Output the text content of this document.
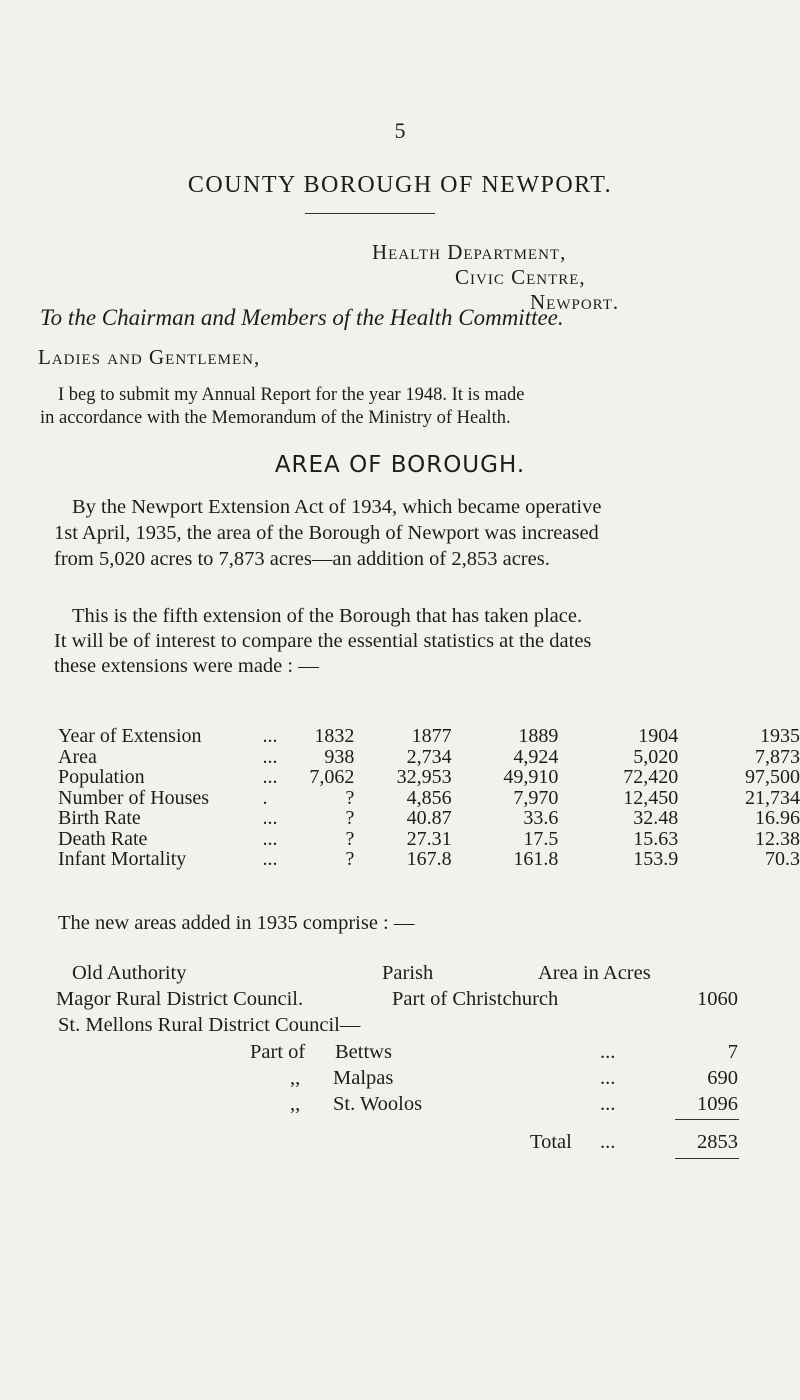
5
COUNTY BOROUGH OF NEWPORT.
Health Department,
Civic Centre,
Newport.
To the Chairman and Members of the Health Committee.
Ladies and Gentlemen,
I beg to submit my Annual Report for the year 1948. It is made
in accordance with the Memorandum of the Ministry of Health.
AREA OF BOROUGH.
By the Newport Extension Act of 1934, which became operative
1st April, 1935, the area of the Borough of Newport was increased
from 5,020 acres to 7,873 acres—an addition of 2,853 acres.
This is the fifth extension of the Borough that has taken place.
It will be of interest to compare the essential statistics at the dates
these extensions were made : —
Year of Extension	...	1832	1877	1889	1904	1935
Area	...	938	2,734	4,924	5,020	7,873
Population	...	7,062	32,953	49,910	72,420	97,500
Number of Houses	.	?	4,856	7,970	12,450	21,734
Birth Rate	...	?	40.87	33.6	32.48	16.96
Death Rate	...	?	27.31	17.5	15.63	12.38
Infant Mortality	...	?	167.8	161.8	153.9	70.3
The new areas added in 1935 comprise : —
Old Authority	Parish	Area in Acres
Magor Rural District Council.	Part of Christchurch	1060
St. Mellons Rural District Council—
Part of Bettws	...	7
,, Malpas	...	690
,, St. Woolos	...	1096
Total ...	2853
